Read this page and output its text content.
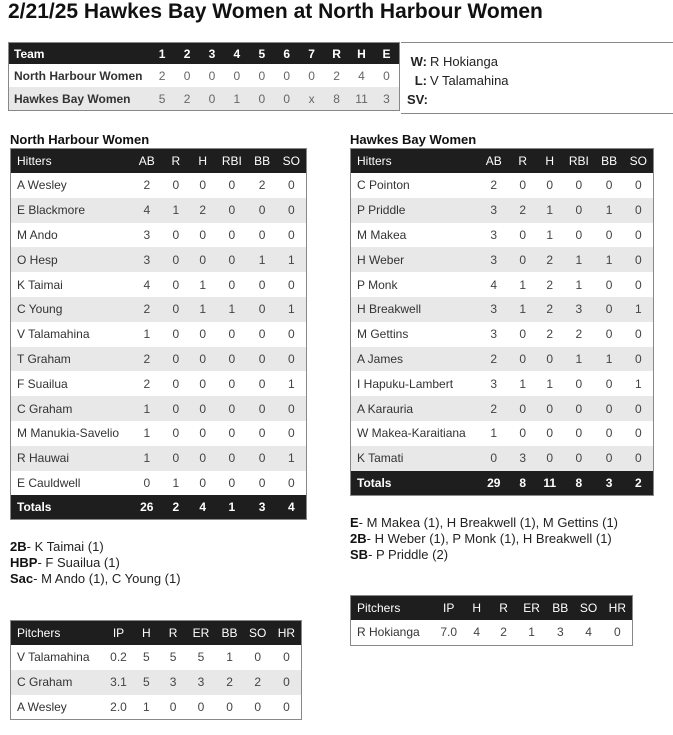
2/21/25 Hawkes Bay Women at North Harbour Women
Team	1	2	3	4	5	6	7	R	H	E
North Harbour Women	2	0	0	0	0	0	0	2	4	0
Hawkes Bay Women	5	2	0	1	0	0	x	8	11	3
W: R Hokianga
L: V Talamahina
SV:
North Harbour Women
Hitters	AB	R	H	RBI	BB	SO
A Wesley	2	0	0	0	2	0
E Blackmore	4	1	2	0	0	0
M Ando	3	0	0	0	0	0
O Hesp	3	0	0	0	1	1
K Taimai	4	0	1	0	0	0
C Young	2	0	1	1	0	1
V Talamahina	1	0	0	0	0	0
T Graham	2	0	0	0	0	0
F Suailua	2	0	0	0	0	1
C Graham	1	0	0	0	0	0
M Manukia-Savelio	1	0	0	0	0	0
R Hauwai	1	0	0	0	0	1
E Cauldwell	0	1	0	0	0	0
Totals	26	2	4	1	3	4
2B- K Taimai (1)
HBP- F Suailua (1)
Sac- M Ando (1), C Young (1)
Pitchers	IP	H	R	ER	BB	SO	HR
V Talamahina	0.2	5	5	5	1	0	0
C Graham	3.1	5	3	3	2	2	0
A Wesley	2.0	1	0	0	0	0	0
Hawkes Bay Women
Hitters	AB	R	H	RBI	BB	SO
C Pointon	2	0	0	0	0	0
P Priddle	3	2	1	0	1	0
M Makea	3	0	1	0	0	0
H Weber	3	0	2	1	1	0
P Monk	4	1	2	1	0	0
H Breakwell	3	1	2	3	0	1
M Gettins	3	0	2	2	0	0
A James	2	0	0	1	1	0
I Hapuku-Lambert	3	1	1	0	0	1
A Karauria	2	0	0	0	0	0
W Makea-Karaitiana	1	0	0	0	0	0
K Tamati	0	3	0	0	0	0
Totals	29	8	11	8	3	2
E- M Makea (1), H Breakwell (1), M Gettins (1)
2B- H Weber (1), P Monk (1), H Breakwell (1)
SB- P Priddle (2)
Pitchers	IP	H	R	ER	BB	SO	HR
R Hokianga	7.0	4	2	1	3	4	0
